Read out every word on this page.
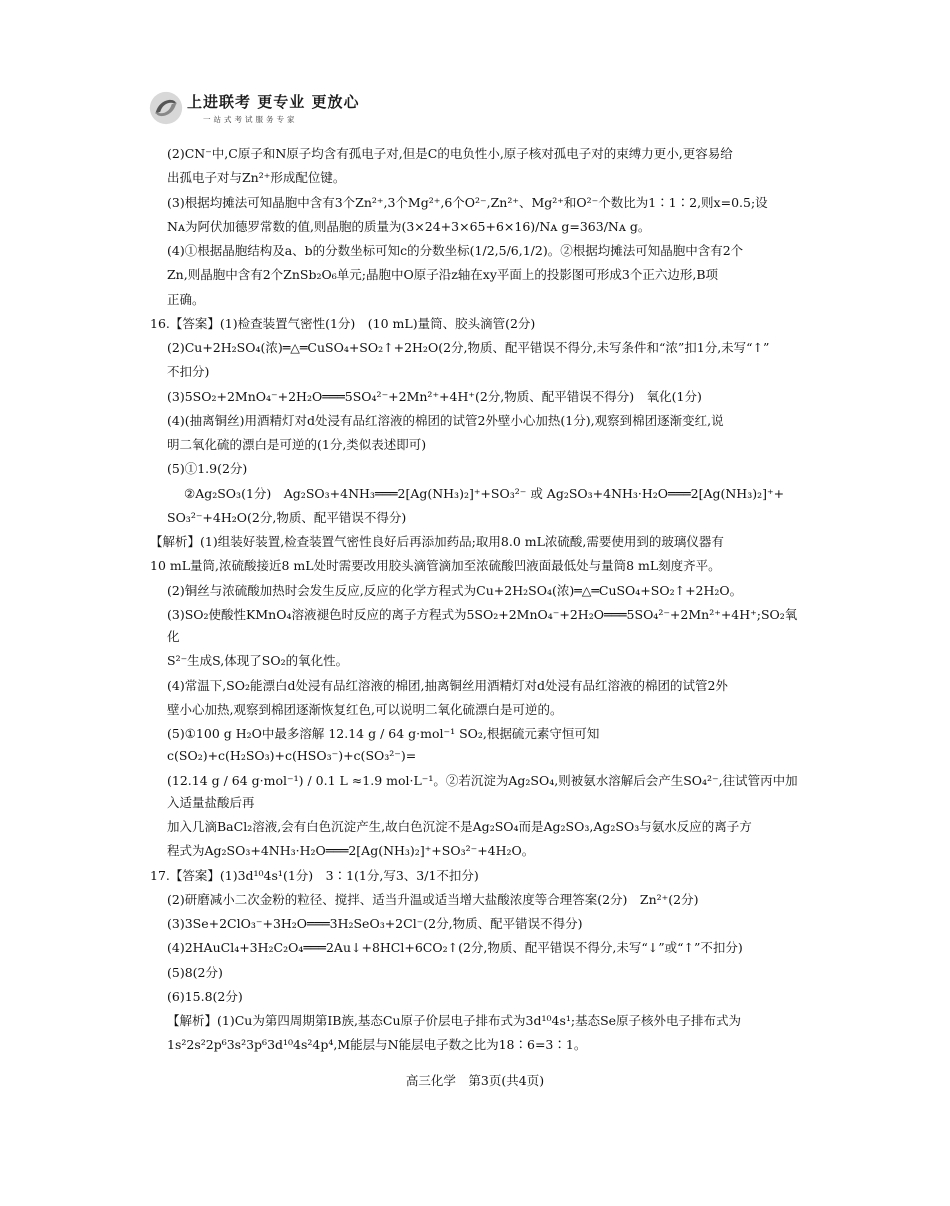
上进联考 更专业 更放心
一站式考试服务专家

(2)CN⁻中,C原子和N原子均含有孤电子对,但是C的电负性小,原子核对孤电子对的束缚力更小,更容易给

出孤电子对与Zn²⁺形成配位键。

(3)根据均摊法可知晶胞中含有3个Zn²⁺,3个Mg²⁺,6个O²⁻,Zn²⁺、Mg²⁺和O²⁻个数比为1∶1∶2,则x=0.5;设

Nᴀ为阿伏加德罗常数的值,则晶胞的质量为(3×24+3×65+6×16)/Nᴀ g=363/Nᴀ g。

(4)①根据晶胞结构及a、b的分数坐标可知c的分数坐标(1/2,5/6,1/2)。②根据均摊法可知晶胞中含有2个

Zn,则晶胞中含有2个ZnSb₂O₆单元;晶胞中O原子沿z轴在xy平面上的投影图可形成3个正六边形,B项

正确。

16.【答案】(1)检查装置气密性(1分)　(10 mL)量筒、胶头滴管(2分)

(2)Cu+2H₂SO₄(浓)═△═CuSO₄+SO₂↑+2H₂O(2分,物质、配平错误不得分,未写条件和“浓”扣1分,未写“↑”

不扣分)

(3)5SO₂+2MnO₄⁻+2H₂O═══5SO₄²⁻+2Mn²⁺+4H⁺(2分,物质、配平错误不得分)　氧化(1分)

(4)(抽离铜丝)用酒精灯对d处浸有品红溶液的棉团的试管2外壁小心加热(1分),观察到棉团逐渐变红,说

明二氧化硫的漂白是可逆的(1分,类似表述即可)

(5)①1.9(2分)

②Ag₂SO₃(1分)　Ag₂SO₃+4NH₃═══2[Ag(NH₃)₂]⁺+SO₃²⁻ 或 Ag₂SO₃+4NH₃·H₂O═══2[Ag(NH₃)₂]⁺+

SO₃²⁻+4H₂O(2分,物质、配平错误不得分)

【解析】(1)组装好装置,检查装置气密性良好后再添加药品;取用8.0 mL浓硫酸,需要使用到的玻璃仪器有

10 mL量筒,浓硫酸接近8 mL处时需要改用胶头滴管滴加至浓硫酸凹液面最低处与量筒8 mL刻度齐平。

(2)铜丝与浓硫酸加热时会发生反应,反应的化学方程式为Cu+2H₂SO₄(浓)═△═CuSO₄+SO₂↑+2H₂O。

(3)SO₂使酸性KMnO₄溶液褪色时反应的离子方程式为5SO₂+2MnO₄⁻+2H₂O═══5SO₄²⁻+2Mn²⁺+4H⁺;SO₂氧化

S²⁻生成S,体现了SO₂的氧化性。

(4)常温下,SO₂能漂白d处浸有品红溶液的棉团,抽离铜丝用酒精灯对d处浸有品红溶液的棉团的试管2外

壁小心加热,观察到棉团逐渐恢复红色,可以说明二氧化硫漂白是可逆的。

(5)①100 g H₂O中最多溶解 12.14 g / 64 g·mol⁻¹ SO₂,根据硫元素守恒可知c(SO₂)+c(H₂SO₃)+c(HSO₃⁻)+c(SO₃²⁻)=

(12.14 g / 64 g·mol⁻¹) / 0.1 L ≈1.9 mol·L⁻¹。②若沉淀为Ag₂SO₄,则被氨水溶解后会产生SO₄²⁻,往试管丙中加入适量盐酸后再

加入几滴BaCl₂溶液,会有白色沉淀产生,故白色沉淀不是Ag₂SO₄而是Ag₂SO₃,Ag₂SO₃与氨水反应的离子方

程式为Ag₂SO₃+4NH₃·H₂O═══2[Ag(NH₃)₂]⁺+SO₃²⁻+4H₂O。

17.【答案】(1)3d¹⁰4s¹(1分)　3∶1(1分,写3、3/1不扣分)

(2)研磨减小二次金粉的粒径、搅拌、适当升温或适当增大盐酸浓度等合理答案(2分)　Zn²⁺(2分)

(3)3Se+2ClO₃⁻+3H₂O═══3H₂SeO₃+2Cl⁻(2分,物质、配平错误不得分)

(4)2HAuCl₄+3H₂C₂O₄═══2Au↓+8HCl+6CO₂↑(2分,物质、配平错误不得分,未写“↓”或“↑”不扣分)

(5)8(2分)

(6)15.8(2分)

【解析】(1)Cu为第四周期第ⅠB族,基态Cu原子价层电子排布式为3d¹⁰4s¹;基态Se原子核外电子排布式为

1s²2s²2p⁶3s²3p⁶3d¹⁰4s²4p⁴,M能层与N能层电子数之比为18∶6=3∶1。

高三化学　第3页(共4页)
